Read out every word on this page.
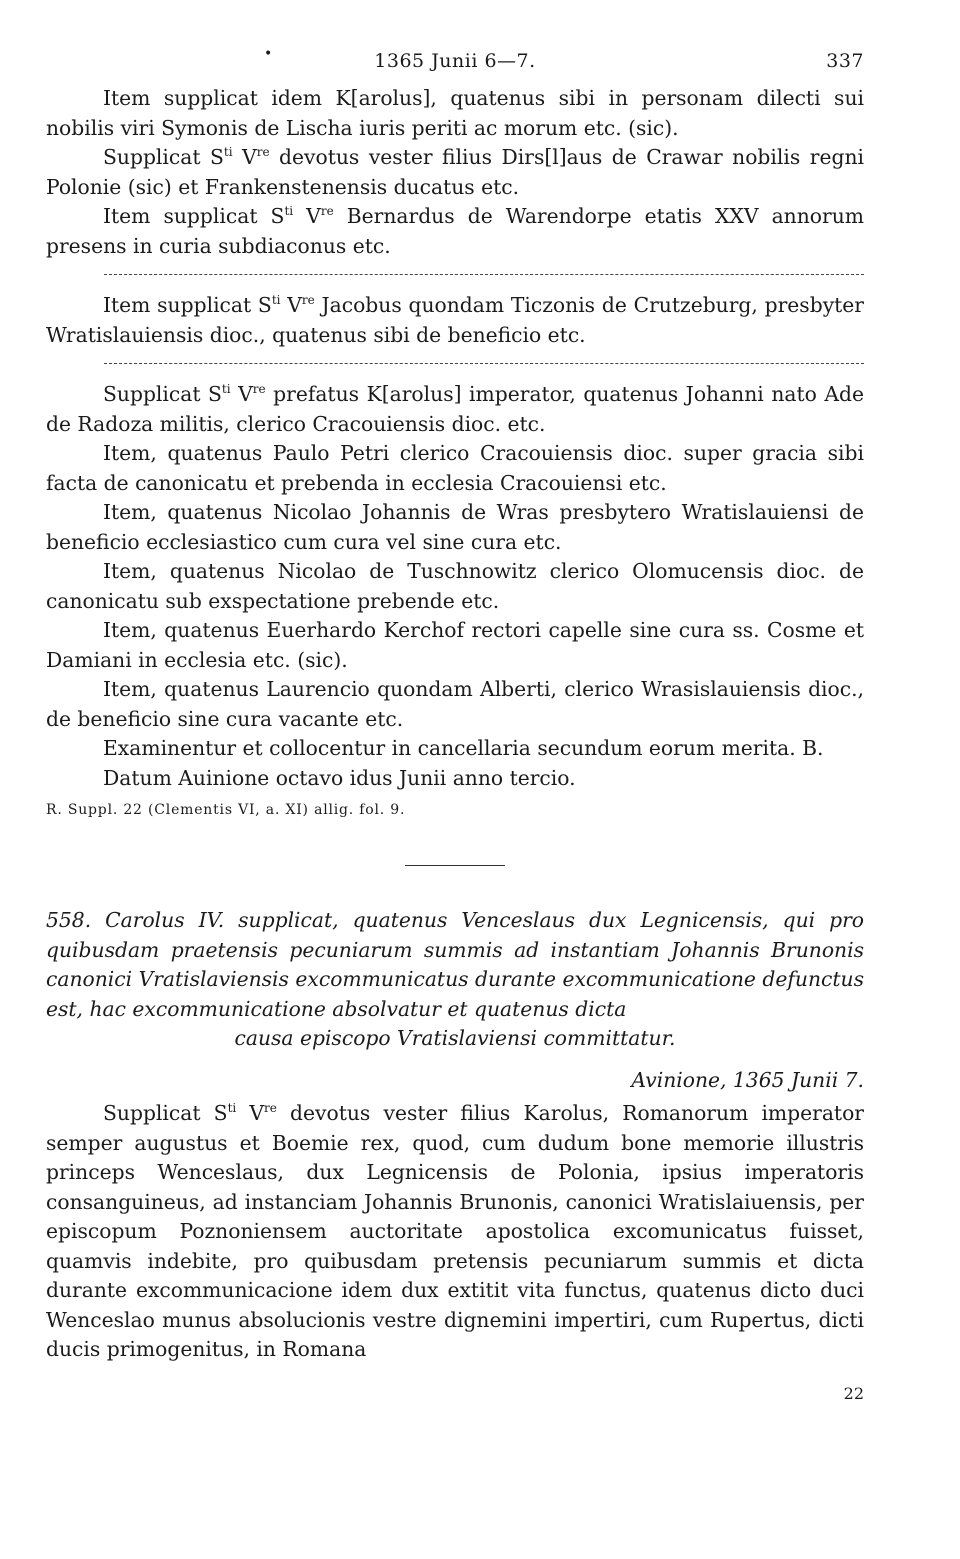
•	1365 Junii 6—7.	337

Item supplicat idem K[arolus], quatenus sibi in personam dilecti sui nobilis viri Symonis de Lischa iuris periti ac morum etc. (sic).

Supplicat $S^{ti}$ Vre devotus vester filius Dirs[l]aus de Crawar nobilis regni Polonie (sic) et Frankenstenensis ducatus etc.

Item supplicat $S^{ti}$ Vre Bernardus de Warendorpe etatis XXV annorum presens in curia subdiaconus etc.

Item supplicat $S^{ti}$ Vre Jacobus quondam Ticzonis de Crutzeburg, presbyter Wratislauiensis dioc., quatenus sibi de beneficio etc.

Supplicat $S^{ti}$ Vre prefatus K[arolus] imperator, quatenus Johanni nato Ade de Radoza militis, clerico Cracouiensis dioc. etc.

Item, quatenus Paulo Petri clerico Cracouiensis dioc. super gracia sibi facta de canonicatu et prebenda in ecclesia Cracouiensi etc.

Item, quatenus Nicolao Johannis de Wras presbytero Wratislauiensi de beneficio ecclesiastico cum cura vel sine cura etc.

Item, quatenus Nicolao de Tuschnowitz clerico Olomucensis dioc. de canonicatu sub exspectatione prebende etc.

Item, quatenus Euerhardo Kerchof rectori capelle sine cura ss. Cosme et Damiani in ecclesia etc. (sic).

Item, quatenus Laurencio quondam Alberti, clerico Wrasislauiensis dioc., de beneficio sine cura vacante etc.

Examinentur et collocentur in cancellaria secundum eorum merita. B.

Datum Auinione octavo idus Junii anno tercio.

R. Suppl. 22 (Clementis VI, a. XI) allig. fol. 9.
558. Carolus IV. supplicat, quatenus Venceslaus dux Legnicensis, qui pro quibusdam praetensis pecuniarum summis ad instantiam Johannis Brunonis canonici Vratislaviensis excommunicatus durante excommunicatione defunctus est, hac excommunicatione absolvatur et quatenus dicta
causa episcopo Vratislaviensi committatur.
Avinione, 1365 Junii 7.

Supplicat $S^{ti}$ Vre devotus vester filius Karolus, Romanorum imperator semper augustus et Boemie rex, quod, cum dudum bone memorie illustris princeps Wenceslaus, dux Legnicensis de Polonia, ipsius imperatoris consanguineus, ad instanciam Johannis Brunonis, canonici Wratislaiuensis, per episcopum Poznoniensem auctoritate apostolica excomunicatus fuisset, quamvis indebite, pro quibusdam pretensis pecuniarum summis et dicta durante excommunicacione idem dux extitit vita functus, quatenus dicto duci Wenceslao munus absolucionis vestre dignemini impertiri, cum Rupertus, dicti ducis primogenitus, in Romana

22
